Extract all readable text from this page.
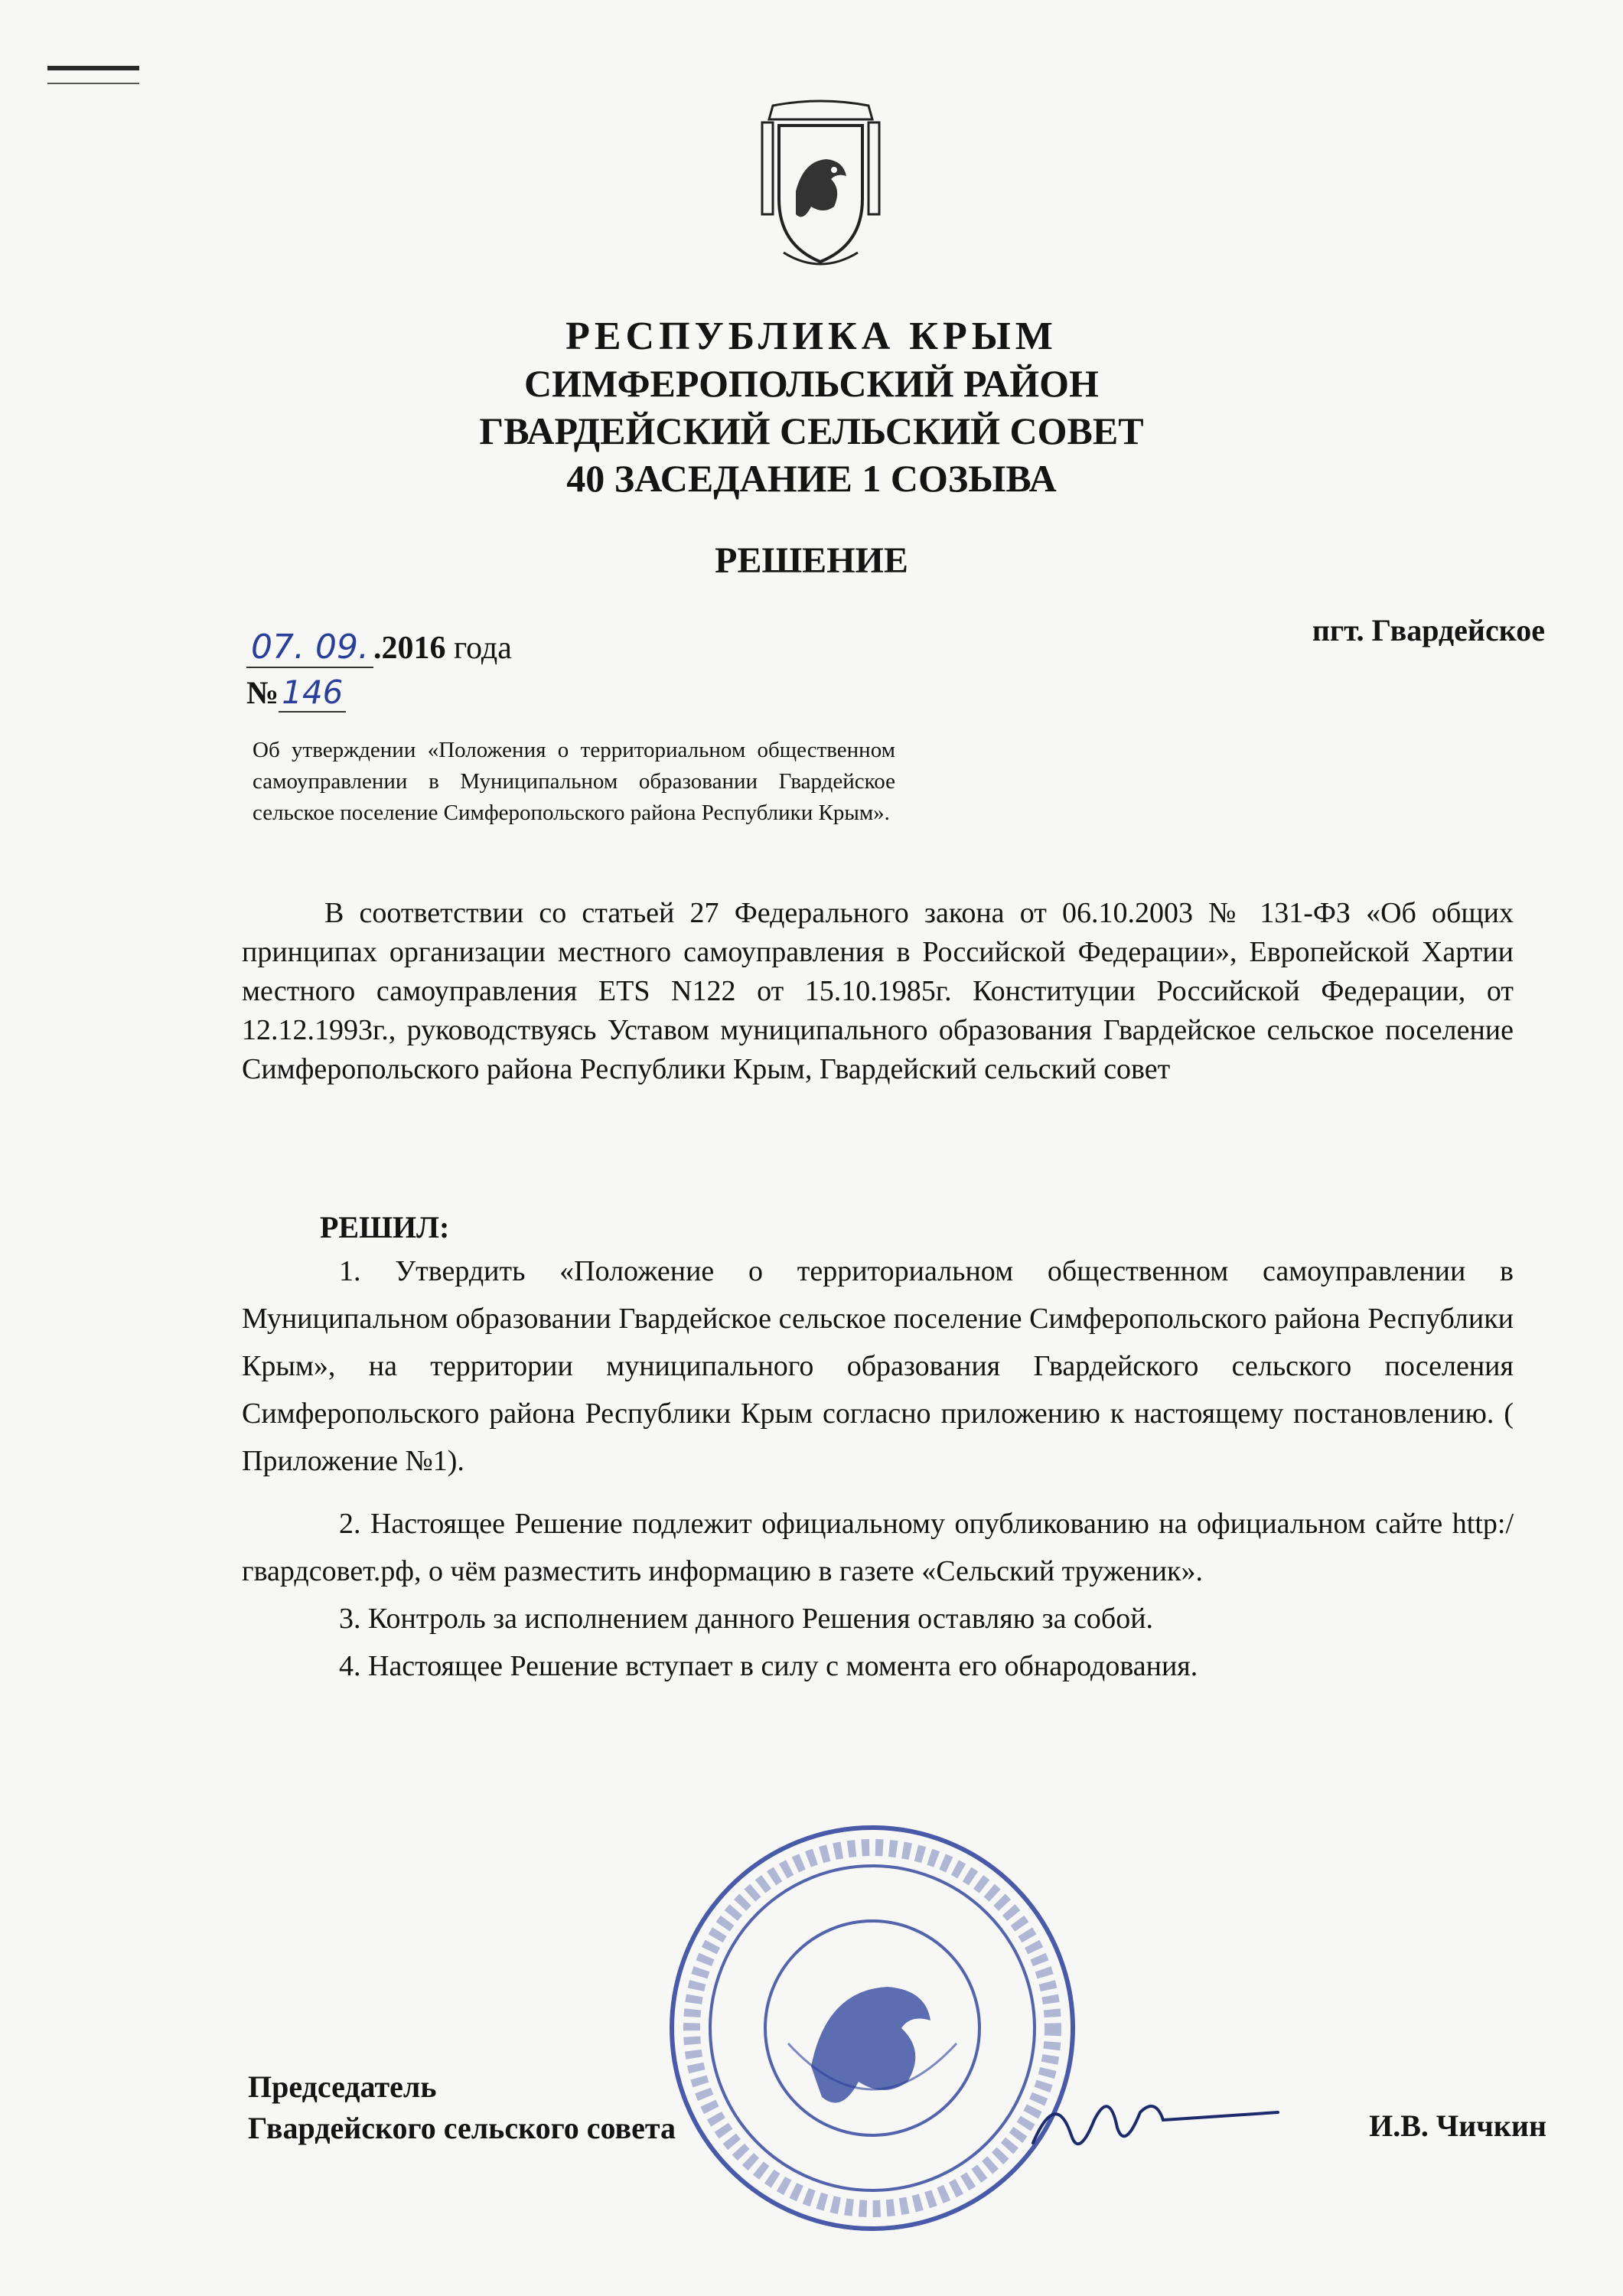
РЕСПУБЛИКА КРЫМ
СИМФЕРОПОЛЬСКИЙ РАЙОН
ГВАРДЕЙСКИЙ СЕЛЬСКИЙ СОВЕТ
40 ЗАСЕДАНИЕ 1 СОЗЫВА
РЕШЕНИЕ
07. 09. .2016 года
пгт. Гвардейское
№146
Об утверждении «Положения о территориальном общественном самоуправлении в Муниципальном образовании Гвардейское сельское поселение Симферопольского района Республики Крым».
В соответствии со статьей 27 Федерального закона от 06.10.2003 № 131-ФЗ «Об общих принципах организации местного самоуправления в Российской Федерации», Европейской Хартии местного самоуправления ETS N122 от 15.10.1985г. Конституции Российской Федерации, от 12.12.1993г., руководствуясь Уставом муниципального образования Гвардейское сельское поселение Симферопольского района Республики Крым, Гвардейский сельский совет
РЕШИЛ:

1. Утвердить «Положение о территориальном общественном самоуправлении в Муниципальном образовании Гвардейское сельское поселение Симферопольского района Республики Крым», на территории муниципального образования Гвардейского сельского поселения Симферопольского района Республики Крым согласно приложению к настоящему постановлению. ( Приложение №1).

2. Настоящее Решение подлежит официальному опубликованию на официальном сайте http:/гвардсовет.рф, о чём разместить информацию в газете «Сельский труженик».

3. Контроль за исполнением данного Решения оставляю за собой.

4. Настоящее Решение вступает в силу с момента его обнародования.

Председатель
Гвардейского сельского совета	И.В. Чичкин
